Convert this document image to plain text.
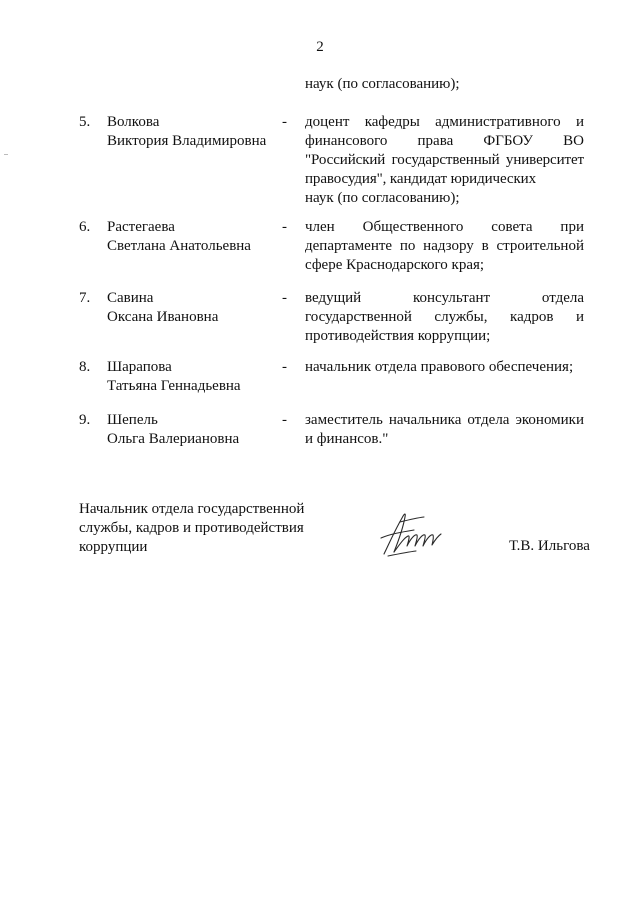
2
наук (по согласованию);
5. Волкова
Виктория Владимировна
- доцент кафедры административного и
финансового права ФГБОУ ВО
"Российский государственный университет правосудия", кандидат юридических
наук (по согласованию);
6. Растегаева
Светлана Анатольевна
- член Общественного совета при
департаменте по надзору в строительной
сфере Краснодарского края;
7. Савина
Оксана Ивановна
- ведущий консультант отдела
государственной службы, кадров и
противодействия коррупции;
8. Шарапова
Татьяна Геннадьевна
- начальник отдела правового обеспечения;
9. Шепель
Ольга Валериановна
- заместитель начальника отдела экономики
и финансов."
Начальник отдела государственной
службы, кадров и противодействия
коррупции	Т.В. Ильгова
